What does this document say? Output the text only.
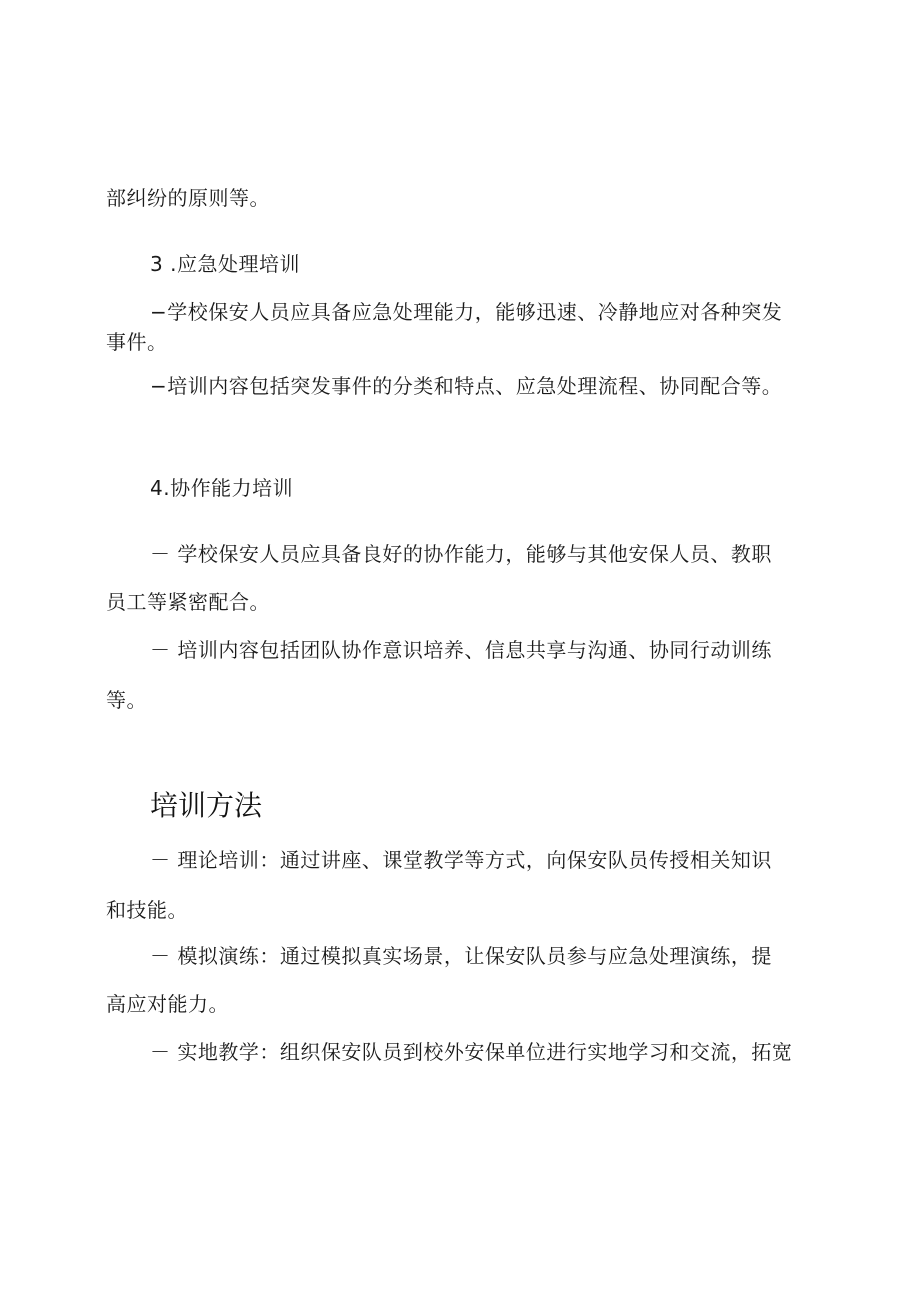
部纠纷的原则等。
3 .应急处理培训
−学校保安人员应具备应急处理能力，能够迅速、冷静地应对各种突发
事件。
−培训内容包括突发事件的分类和特点、应急处理流程、协同配合等。
4.协作能力培训
－ 学校保安人员应具备良好的协作能力，能够与其他安保人员、教职
员工等紧密配合。
－ 培训内容包括团队协作意识培养、信息共享与沟通、协同行动训练
等。
培训方法
－ 理论培训：通过讲座、课堂教学等方式，向保安队员传授相关知识
和技能。
－ 模拟演练：通过模拟真实场景，让保安队员参与应急处理演练，提
高应对能力。
－ 实地教学：组织保安队员到校外安保单位进行实地学习和交流，拓宽
